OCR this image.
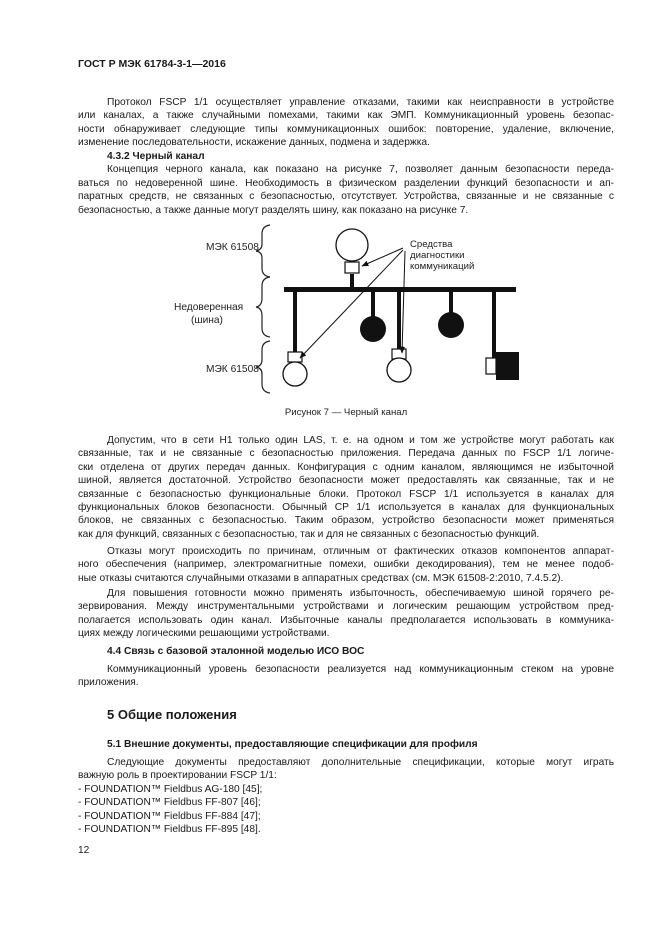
ГОСТ Р МЭК 61784-3-1—2016
Протокол FSCP 1/1 осуществляет управление отказами, такими как неисправности в устройстве
или каналах, а также случайными помехами, такими как ЭМП. Коммуникационный уровень безопас-
ности обнаруживает следующие типы коммуникационных ошибок: повторение, удаление, включение,
изменение последовательности, искажение данных, подмена и задержка.
4.3.2 Черный канал
Концепция черного канала, как показано на рисунке 7, позволяет данным безопасности переда-
ваться по недоверенной шине. Необходимость в физическом разделении функций безопасности и ап-
паратных средств, не связанных с безопасностью, отсутствует. Устройства, связанные и не связанные с
безопасностью, а также данные могут разделять шину, как показано на рисунке 7.
МЭК 61508
Недоверенная
(шина)
МЭК 61508
Средства
диагностики
коммуникаций
Рисунок 7 — Черный канал
Допустим, что в сети H1 только один LAS, т. е. на одном и том же устройстве могут работать как
связанные, так и не связанные с безопасностью приложения. Передача данных по FSCP 1/1 логиче-
ски отделена от других передач данных. Конфигурация с одним каналом, являющимся не избыточной
шиной, является достаточной. Устройство безопасности может предоставлять как связанные, так и не
связанные с безопасностью функциональные блоки. Протокол FSCP 1/1 используется в каналах для
функциональных блоков безопасности. Обычный CP 1/1 используется в каналах для функциональных
блоков, не связанных с безопасностью. Таким образом, устройство безопасности может применяться
как для функций, связанных с безопасностью, так и для не связанных с безопасностью функций.
Отказы могут происходить по причинам, отличным от фактических отказов компонентов аппарат-
ного обеспечения (например, электромагнитные помехи, ошибки декодирования), тем не менее подоб-
ные отказы считаются случайными отказами в аппаратных средствах (см. МЭК 61508-2:2010, 7.4.5.2).
Для повышения готовности можно применять избыточность, обеспечиваемую шиной горячего ре-
зервирования. Между инструментальными устройствами и логическим решающим устройством пред-
полагается использовать один канал. Избыточные каналы предполагается использовать в коммуника-
циях между логическими решающими устройствами.
4.4 Связь с базовой эталонной моделью ИСО ВОС
Коммуникационный уровень безопасности реализуется над коммуникационным стеком на уровне
приложения.
5 Общие положения
5.1 Внешние документы, предоставляющие спецификации для профиля
Следующие документы предоставляют дополнительные спецификации, которые могут играть
важную роль в проектировании FSCP 1/1:
- FOUNDATION™ Fieldbus AG-180 [45];
- FOUNDATION™ Fieldbus FF-807 [46];
- FOUNDATION™ Fieldbus FF-884 [47];
- FOUNDATION™ Fieldbus FF-895 [48].
12
